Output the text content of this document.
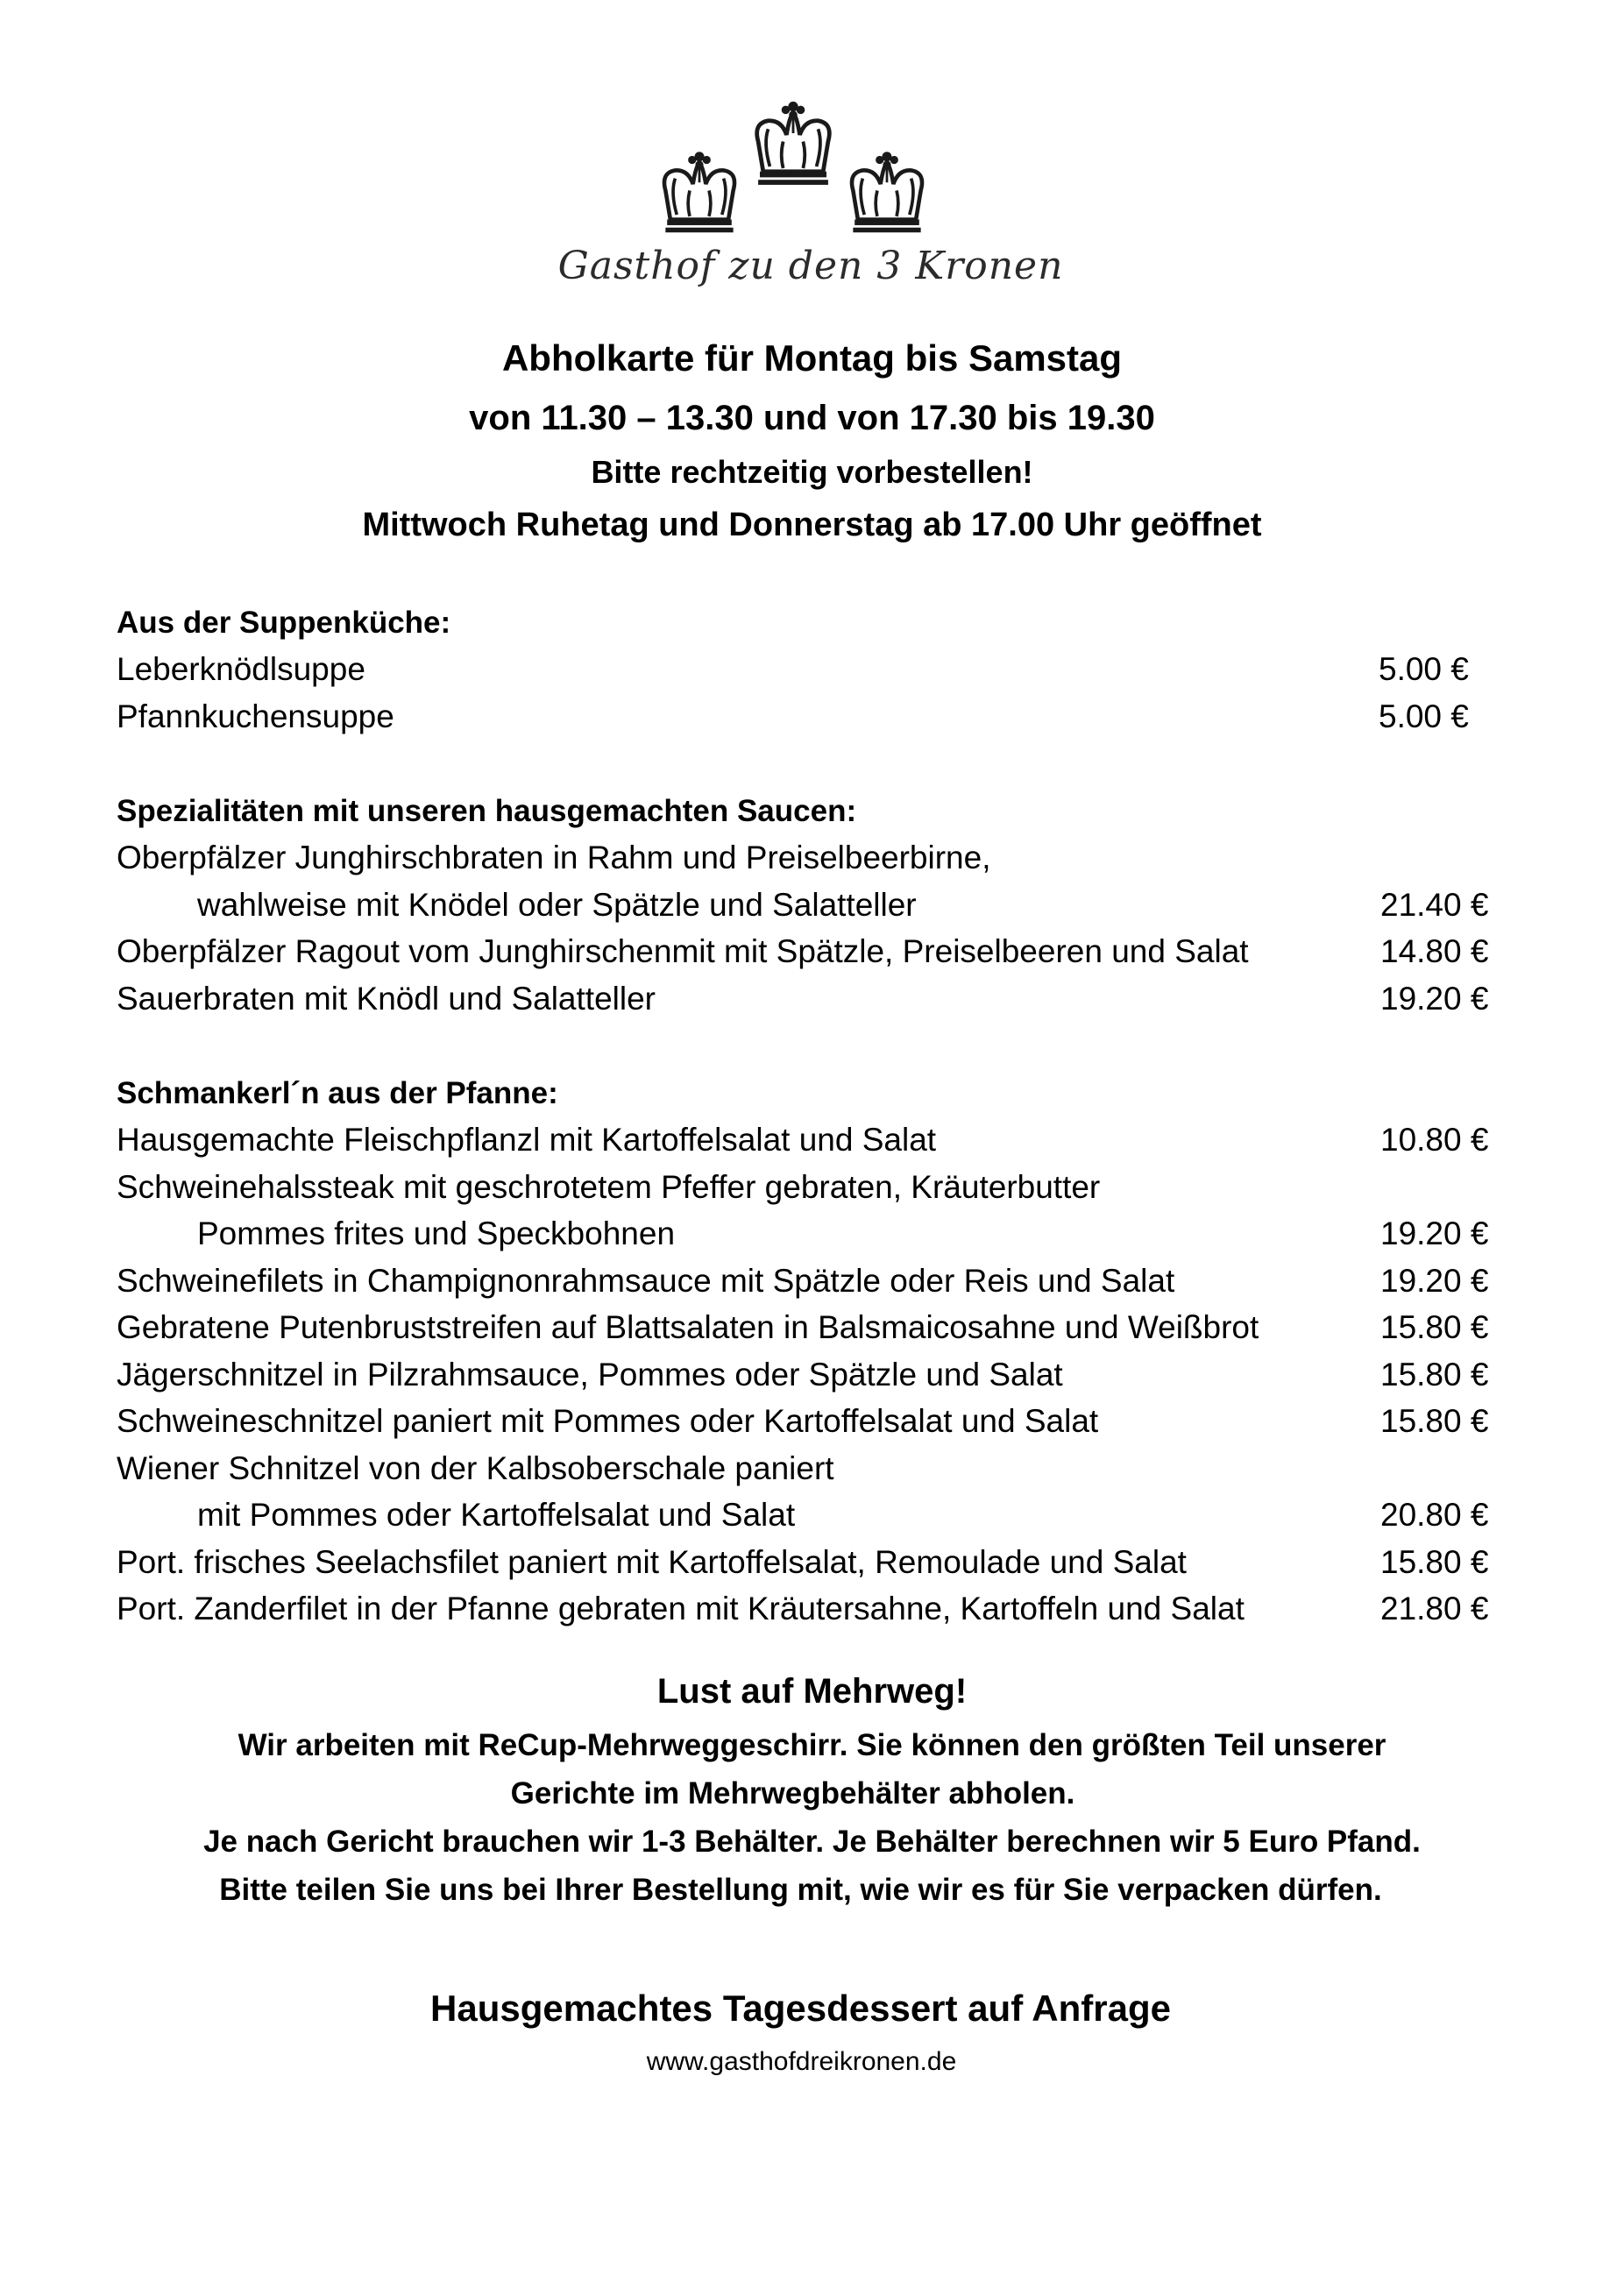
Gasthof zu den 3 Kronen
Abholkarte für Montag bis Samstag
von 11.30 – 13.30 und von 17.30 bis 19.30
Bitte rechtzeitig vorbestellen!
Mittwoch Ruhetag und Donnerstag ab 17.00 Uhr geöffnet
Aus der Suppenküche:
Leberknödlsuppe	5.00 €
Pfannkuchensuppe	5.00 €
Spezialitäten mit unseren hausgemachten Saucen:
Oberpfälzer Junghirschbraten in Rahm und Preiselbeerbirne,
wahlweise mit Knödel oder Spätzle und Salatteller	21.40 €
Oberpfälzer Ragout vom Junghirschenmit mit Spätzle, Preiselbeeren und Salat	14.80 €
Sauerbraten mit Knödl und Salatteller	19.20 €
Schmankerl´n aus der Pfanne:
Hausgemachte Fleischpflanzl mit Kartoffelsalat und Salat	10.80 €
Schweinehalssteak mit geschrotetem Pfeffer gebraten, Kräuterbutter
Pommes frites und Speckbohnen	19.20 €
Schweinefilets in Champignonrahmsauce mit Spätzle oder Reis und Salat	19.20 €
Gebratene Putenbruststreifen auf Blattsalaten in Balsmaicosahne und Weißbrot	15.80 €
Jägerschnitzel in Pilzrahmsauce, Pommes oder Spätzle und Salat	15.80 €
Schweineschnitzel paniert mit Pommes oder Kartoffelsalat und Salat	15.80 €
Wiener Schnitzel von der Kalbsoberschale paniert
mit Pommes oder Kartoffelsalat und Salat	20.80 €
Port. frisches Seelachsfilet paniert mit Kartoffelsalat, Remoulade und Salat	15.80 €
Port. Zanderfilet in der Pfanne gebraten mit Kräutersahne, Kartoffeln und Salat	21.80 €
Lust auf Mehrweg!
Wir arbeiten mit ReCup-Mehrweggeschirr. Sie können den größten Teil unserer
Gerichte im Mehrwegbehälter abholen.
Je nach Gericht brauchen wir 1-3 Behälter. Je Behälter berechnen wir 5 Euro Pfand.
Bitte teilen Sie uns bei Ihrer Bestellung mit, wie wir es für Sie verpacken dürfen.
Hausgemachtes Tagesdessert auf Anfrage
www.gasthofdreikronen.de
